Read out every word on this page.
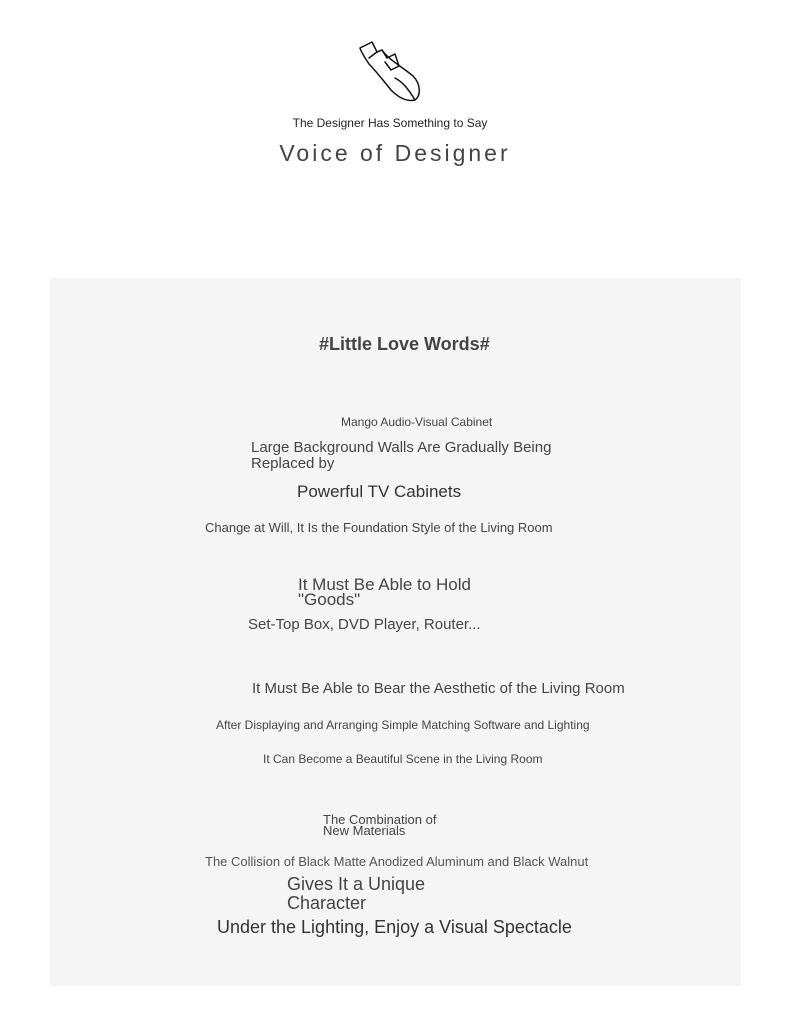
The Designer Has Something to Say

Voice of Designer
#Little Love Words#

Mango Audio-Visual Cabinet

Large Background Walls Are Gradually Being Replaced by

Powerful TV Cabinets

Change at Will, It Is the Foundation Style of the Living Room

It Must Be Able to Hold "Goods"

Set-Top Box, DVD Player, Router...

It Must Be Able to Bear the Aesthetic of the Living Room

After Displaying and Arranging Simple Matching Software and Lighting

It Can Become a Beautiful Scene in the Living Room

The Combination of New Materials

The Collision of Black Matte Anodized Aluminum and Black Walnut

Gives It a Unique Character

Under the Lighting, Enjoy a Visual Spectacle
